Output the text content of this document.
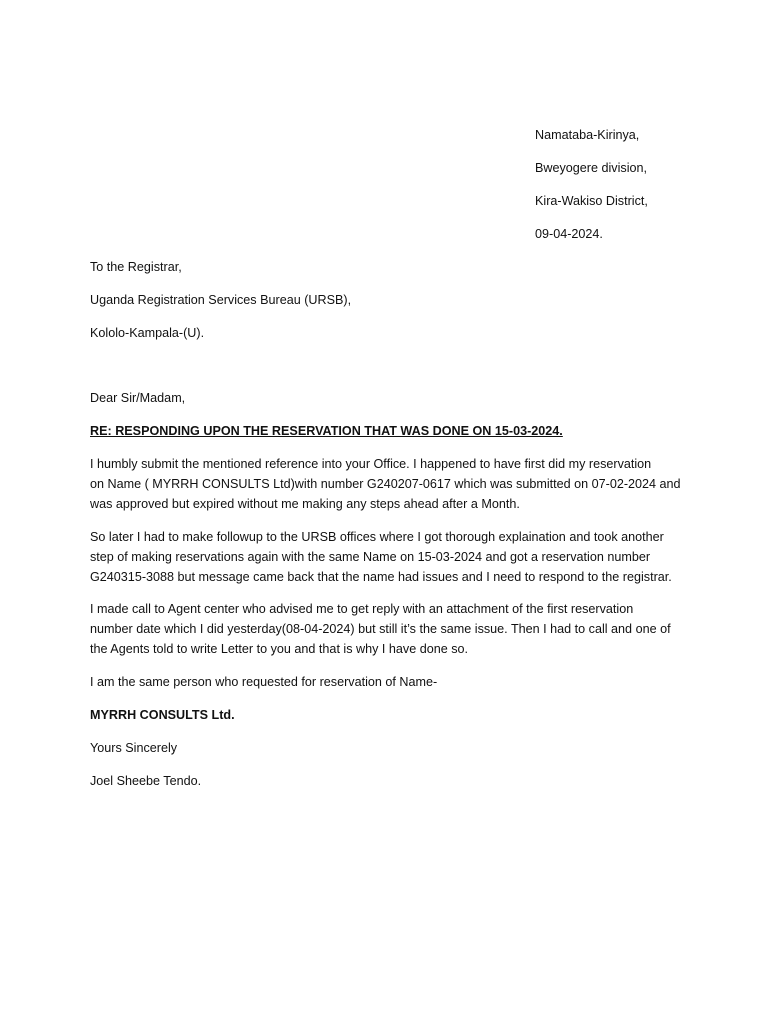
Namataba-Kirinya,
Bweyogere division,
Kira-Wakiso District,
09-04-2024.
To the Registrar,
Uganda Registration Services Bureau (URSB),
Kololo-Kampala-(U).
Dear Sir/Madam,
RE: RESPONDING UPON THE RESERVATION THAT WAS DONE ON 15-03-2024.
I humbly submit the mentioned reference into your Office. I happened to have first did my reservation
on Name ( MYRRH CONSULTS Ltd)with number G240207-0617 which was submitted on 07-02-2024 and
was approved but expired without me making any steps ahead after a Month.
So later I had to make followup to the URSB offices where I got thorough explaination and took another
step of making reservations again with the same Name on 15-03-2024 and got a reservation number
G240315-3088 but message came back that the name had issues and I need to respond to the registrar.
I made call to Agent center who advised me to get reply with an attachment of the first reservation
number date which I did yesterday(08-04-2024) but still it’s the same issue. Then I had to call and one of
the Agents told to write Letter to you and that is why I have done so.
I am the same person who requested for reservation of Name-
MYRRH CONSULTS Ltd.
Yours Sincerely
Joel Sheebe Tendo.
